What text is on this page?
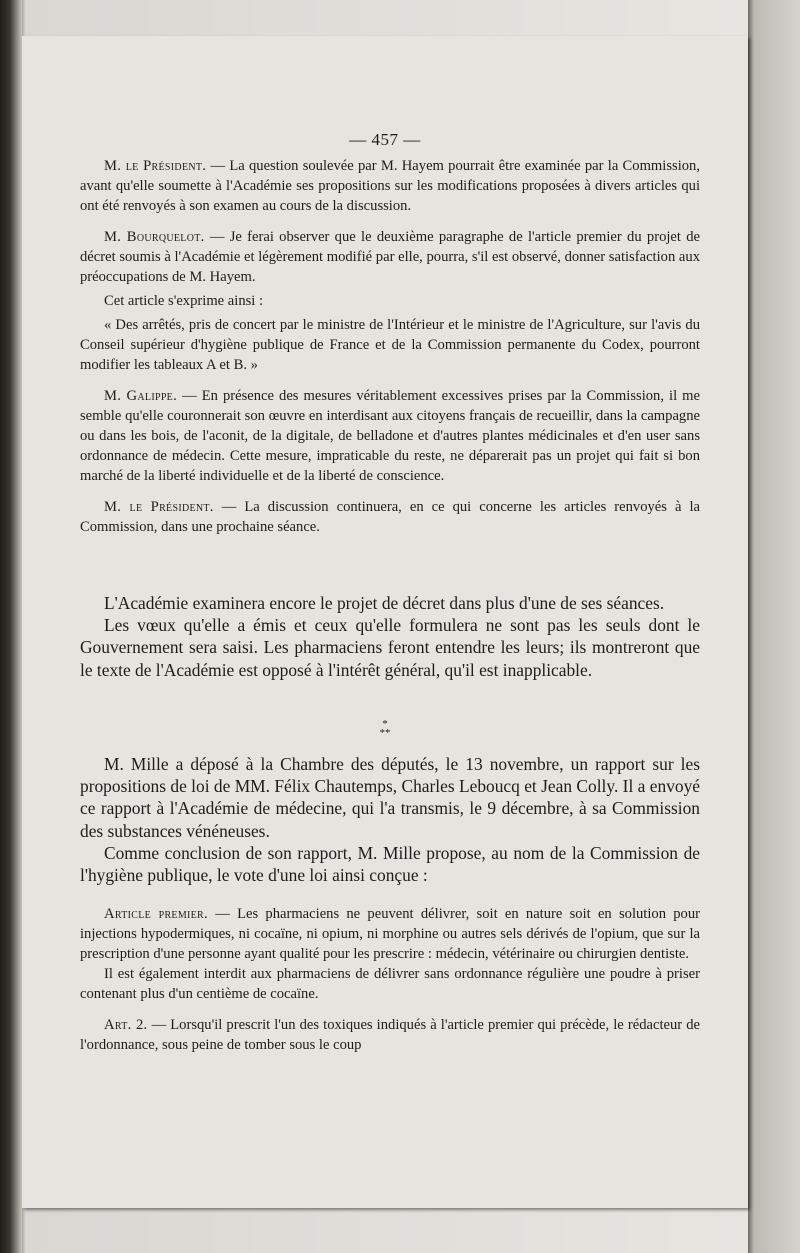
— 457 —

M. le Président. — La question soulevée par M. Hayem pourrait être examinée par la Commission, avant qu'elle soumette à l'Académie ses propositions sur les modifications proposées à divers articles qui ont été renvoyés à son examen au cours de la discussion.

M. Bourquelot. — Je ferai observer que le deuxième paragraphe de l'article premier du projet de décret soumis à l'Académie et légèrement modifié par elle, pourra, s'il est observé, donner satisfaction aux préoccupations de M. Hayem.

Cet article s'exprime ainsi :

« Des arrêtés, pris de concert par le ministre de l'Intérieur et le ministre de l'Agriculture, sur l'avis du Conseil supérieur d'hygiène publique de France et de la Commission permanente du Codex, pourront modifier les tableaux A et B. »

M. Galippe. — En présence des mesures véritablement excessives prises par la Commission, il me semble qu'elle couronnerait son œuvre en interdisant aux citoyens français de recueillir, dans la campagne ou dans les bois, de l'aconit, de la digitale, de belladone et d'autres plantes médicinales et d'en user sans ordonnance de médecin. Cette mesure, impraticable du reste, ne déparerait pas un projet qui fait si bon marché de la liberté individuelle et de la liberté de conscience.

M. le Président. — La discussion continuera, en ce qui concerne les articles renvoyés à la Commission, dans une prochaine séance.

L'Académie examinera encore le projet de décret dans plus d'une de ses séances.

Les vœux qu'elle a émis et ceux qu'elle formulera ne sont pas les seuls dont le Gouvernement sera saisi. Les pharmaciens feront entendre les leurs; ils montreront que le texte de l'Académie est opposé à l'intérêt général, qu'il est inapplicable.

*
**

M. Mille a déposé à la Chambre des députés, le 13 novembre, un rapport sur les propositions de loi de MM. Félix Chautemps, Charles Leboucq et Jean Colly. Il a envoyé ce rapport à l'Académie de médecine, qui l'a transmis, le 9 décembre, à sa Commission des substances vénéneuses.

Comme conclusion de son rapport, M. Mille propose, au nom de la Commission de l'hygiène publique, le vote d'une loi ainsi conçue :

Article premier. — Les pharmaciens ne peuvent délivrer, soit en nature soit en solution pour injections hypodermiques, ni cocaïne, ni opium, ni morphine ou autres sels dérivés de l'opium, que sur la prescription d'une personne ayant qualité pour les prescrire : médecin, vétérinaire ou chirurgien dentiste.

Il est également interdit aux pharmaciens de délivrer sans ordonnance régulière une poudre à priser contenant plus d'un centième de cocaïne.

Art. 2. — Lorsqu'il prescrit l'un des toxiques indiqués à l'article premier qui précède, le rédacteur de l'ordonnance, sous peine de tomber sous le coup
